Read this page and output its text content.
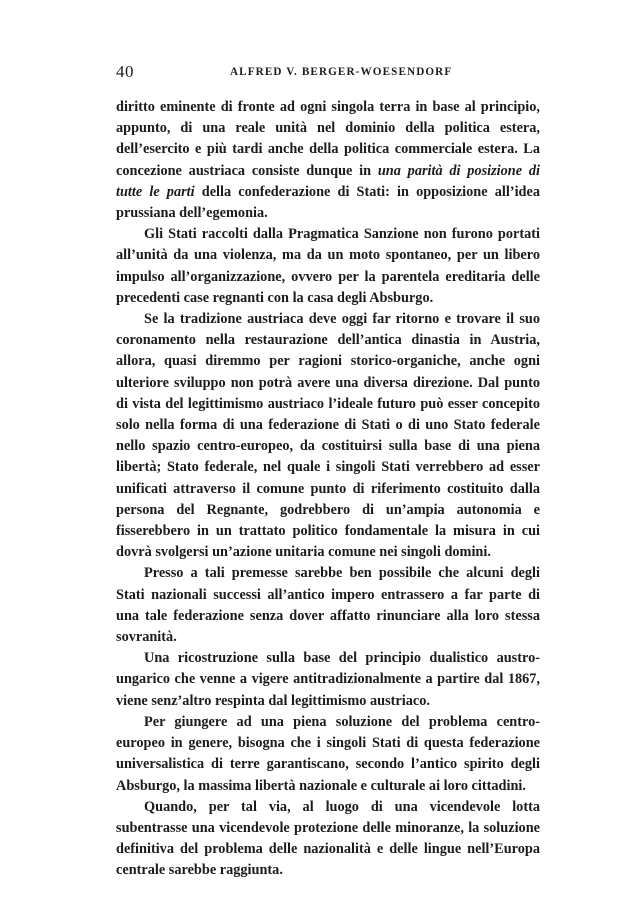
40	ALFRED V. BERGER-WOESENDORF

diritto eminente di fronte ad ogni singola terra in base al principio, appunto, di una reale unità nel dominio della politica estera, dell’esercito e più tardi anche della politica commerciale estera. La concezione austriaca consiste dunque in una parità di posizione di tutte le parti della confederazione di Stati: in opposizione all’idea prussiana dell’egemonia.

Gli Stati raccolti dalla Pragmatica Sanzione non furono portati all’unità da una violenza, ma da un moto spontaneo, per un libero impulso all’organizzazione, ovvero per la parentela ereditaria delle precedenti case regnanti con la casa degli Absburgo.

Se la tradizione austriaca deve oggi far ritorno e trovare il suo coronamento nella restaurazione dell’antica dinastia in Austria, allora, quasi diremmo per ragioni storico-organiche, anche ogni ulteriore sviluppo non potrà avere una diversa direzione. Dal punto di vista del legittimismo austriaco l’ideale futuro può esser concepito solo nella forma di una federazione di Stati o di uno Stato federale nello spazio centro-europeo, da costituirsi sulla base di una piena libertà; Stato federale, nel quale i singoli Stati verrebbero ad esser unificati attraverso il comune punto di riferimento costituito dalla persona del Regnante, godrebbero di un’ampia autonomia e fisserebbero in un trattato politico fondamentale la misura in cui dovrà svolgersi un’azione unitaria comune nei singoli domini.

Presso a tali premesse sarebbe ben possibile che alcuni degli Stati nazionali successi all’antico impero entrassero a far parte di una tale federazione senza dover affatto rinunciare alla loro stessa sovranità.

Una ricostruzione sulla base del principio dualistico austro-ungarico che venne a vigere antitradizionalmente a partire dal 1867, viene senz’altro respinta dal legittimismo austriaco.

Per giungere ad una piena soluzione del problema centro-europeo in genere, bisogna che i singoli Stati di questa federazione universalistica di terre garantiscano, secondo l’antico spirito degli Absburgo, la massima libertà nazionale e culturale ai loro cittadini.

Quando, per tal via, al luogo di una vicendevole lotta subentrasse una vicendevole protezione delle minoranze, la soluzione definitiva del problema delle nazionalità e delle lingue nell’Europa centrale sarebbe raggiunta.
